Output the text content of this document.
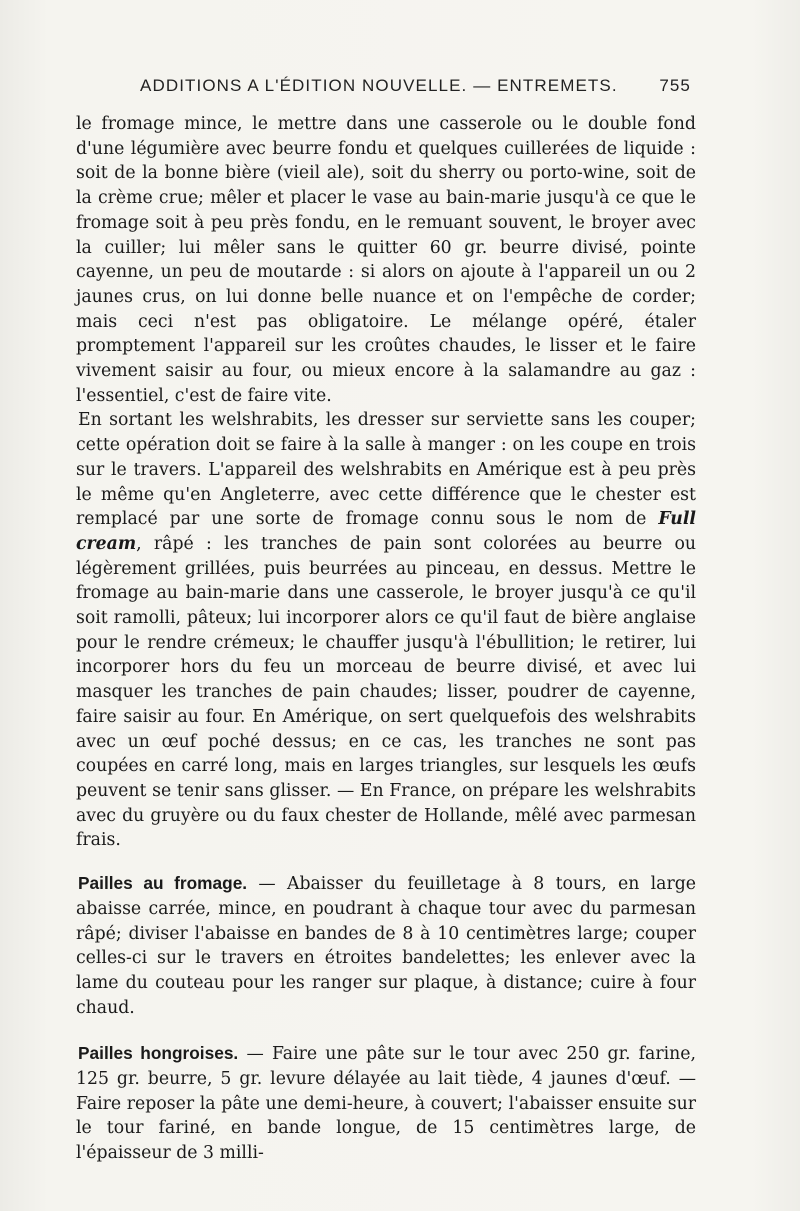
ADDITIONS A L'ÉDITION NOUVELLE. — ENTREMETS. 755

le fromage mince, le mettre dans une casserole ou le double fond d'une légumière avec beurre fondu et quelques cuillerées de liquide : soit de la bonne bière (vieil ale), soit du sherry ou porto-wine, soit de la crème crue; mêler et placer le vase au bain-marie jusqu'à ce que le fromage soit à peu près fondu, en le remuant souvent, le broyer avec la cuiller; lui mêler sans le quitter 60 gr. beurre divisé, pointe cayenne, un peu de moutarde : si alors on ajoute à l'appareil un ou 2 jaunes crus, on lui donne belle nuance et on l'empêche de corder; mais ceci n'est pas obligatoire. Le mélange opéré, étaler promptement l'appareil sur les croûtes chaudes, le lisser et le faire vivement saisir au four, ou mieux encore à la salamandre au gaz : l'essentiel, c'est de faire vite.

En sortant les welshrabits, les dresser sur serviette sans les couper; cette opération doit se faire à la salle à manger : on les coupe en trois sur le travers. L'appareil des welshrabits en Amérique est à peu près le même qu'en Angleterre, avec cette différence que le chester est remplacé par une sorte de fromage connu sous le nom de Full cream, râpé : les tranches de pain sont colorées au beurre ou légèrement grillées, puis beurrées au pinceau, en dessus. Mettre le fromage au bain-marie dans une casserole, le broyer jusqu'à ce qu'il soit ramolli, pâteux; lui incorporer alors ce qu'il faut de bière anglaise pour le rendre crémeux; le chauffer jusqu'à l'ébullition; le retirer, lui incorporer hors du feu un morceau de beurre divisé, et avec lui masquer les tranches de pain chaudes; lisser, poudrer de cayenne, faire saisir au four. En Amérique, on sert quelquefois des welshrabits avec un œuf poché dessus; en ce cas, les tranches ne sont pas coupées en carré long, mais en larges triangles, sur lesquels les œufs peuvent se tenir sans glisser. — En France, on prépare les welshrabits avec du gruyère ou du faux chester de Hollande, mêlé avec parmesan frais.

Pailles au fromage. — Abaisser du feuilletage à 8 tours, en large abaisse carrée, mince, en poudrant à chaque tour avec du parmesan râpé; diviser l'abaisse en bandes de 8 à 10 centimètres large; couper celles-ci sur le travers en étroites bandelettes; les enlever avec la lame du couteau pour les ranger sur plaque, à distance; cuire à four chaud.

Pailles hongroises. — Faire une pâte sur le tour avec 250 gr. farine, 125 gr. beurre, 5 gr. levure délayée au lait tiède, 4 jaunes d'œuf. — Faire reposer la pâte une demi-heure, à couvert; l'abaisser ensuite sur le tour fariné, en bande longue, de 15 centimètres large, de l'épaisseur de 3 milli-
